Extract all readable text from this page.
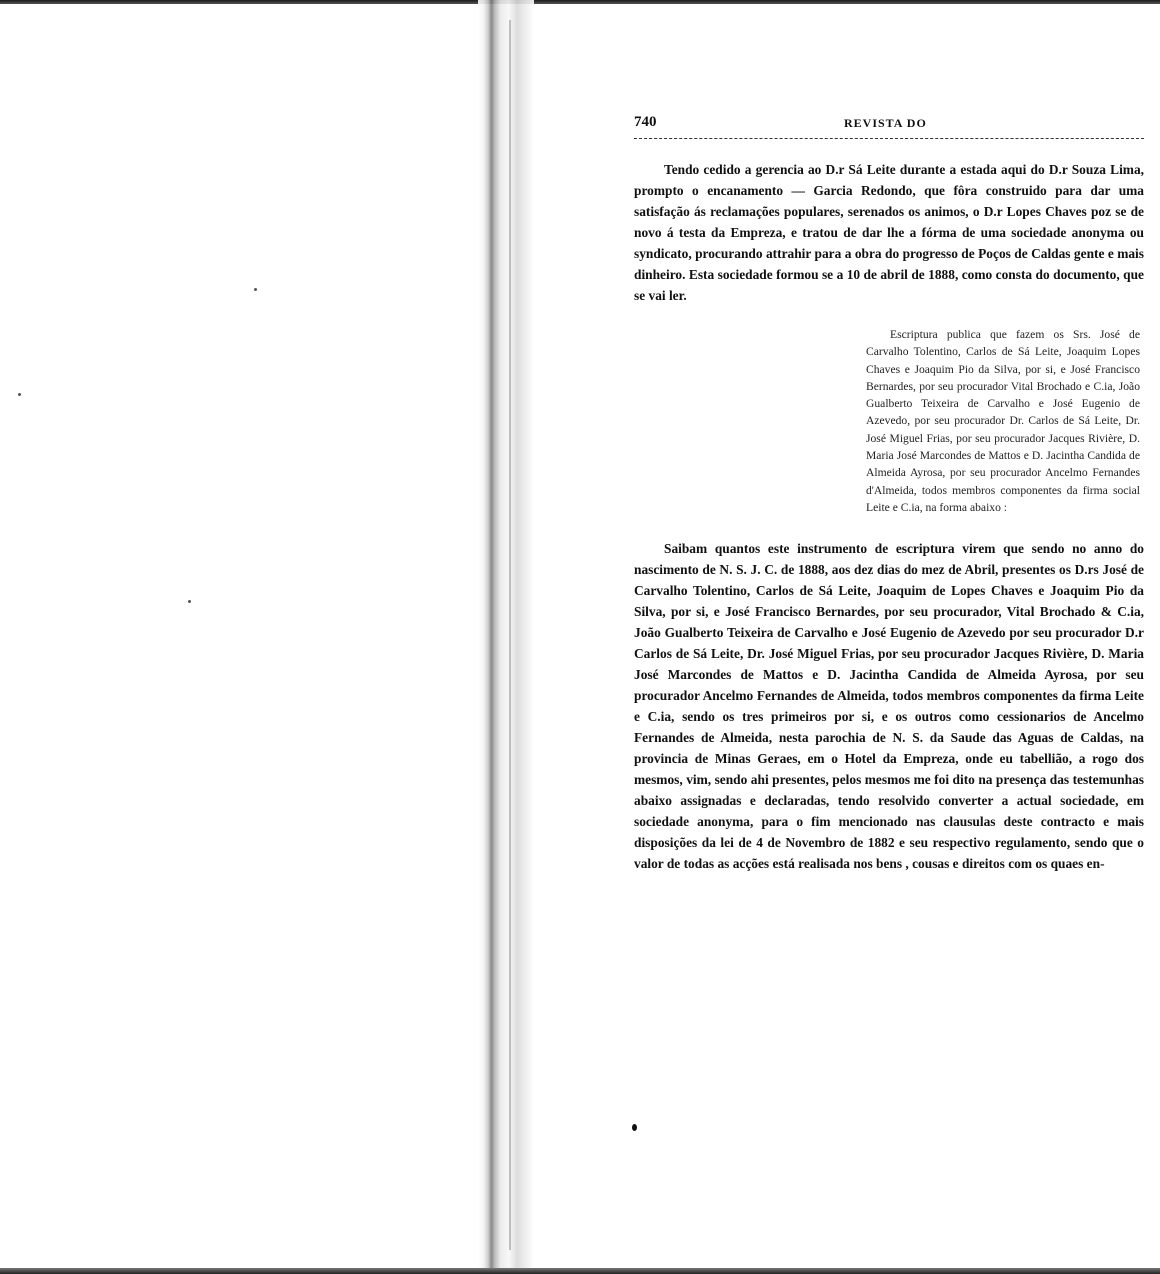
740	REVISTA DO

Tendo cedido a gerencia ao D.r Sá Leite durante a estada aqui do D.r Souza Lima, prompto o encanamento — Garcia Redondo, que fôra construido para dar uma satisfação ás reclamações populares, serenados os animos, o D.r Lopes Chaves poz se de novo á testa da Empreza, e tratou de dar lhe a fórma de uma sociedade anonyma ou syndicato, procurando attrahir para a obra do progresso de Poços de Caldas gente e mais dinheiro. Esta sociedade formou se a 10 de abril de 1888, como consta do documento, que se vai ler.

Escriptura publica que fazem os Srs. José de Carvalho Tolentino, Carlos de Sá Leite, Joaquim Lopes Chaves e Joaquim Pio da Silva, por si, e José Francisco Bernardes, por seu procurador Vital Brochado e C.ia, João Gualberto Teixeira de Carvalho e José Eugenio de Azevedo, por seu procurador Dr. Carlos de Sá Leite, Dr. José Miguel Frias, por seu procurador Jacques Rivière, D. Maria José Marcondes de Mattos e D. Jacintha Candida de Almeida Ayrosa, por seu procurador Ancelmo Fernandes d'Almeida, todos membros componentes da firma social Leite e C.ia, na forma abaixo :

Saibam quantos este instrumento de escriptura virem que sendo no anno do nascimento de N. S. J. C. de 1888, aos dez dias do mez de Abril, presentes os D.rs José de Carvalho Tolentino, Carlos de Sá Leite, Joaquim de Lopes Chaves e Joaquim Pio da Silva, por si, e José Francisco Bernardes, por seu procurador, Vital Brochado & C.ia, João Gualberto Teixeira de Carvalho e José Eugenio de Azevedo por seu procurador D.r Carlos de Sá Leite, Dr. José Miguel Frias, por seu procurador Jacques Rivière, D. Maria José Marcondes de Mattos e D. Jacintha Candida de Almeida Ayrosa, por seu procurador Ancelmo Fernandes de Almeida, todos membros componentes da firma Leite e C.ia, sendo os tres primeiros por si, e os outros como cessionarios de Ancelmo Fernandes de Almeida, nesta parochia de N. S. da Saude das Aguas de Caldas, na provincia de Minas Geraes, em o Hotel da Empreza, onde eu tabellião, a rogo dos mesmos, vim, sendo ahi presentes, pelos mesmos me foi dito na presença das testemunhas abaixo assignadas e declaradas, tendo resolvido converter a actual sociedade, em sociedade anonyma, para o fim mencionado nas clausulas deste contracto e mais disposições da lei de 4 de Novembro de 1882 e seu respectivo regulamento, sendo que o valor de todas as acções está realisada nos bens , cousas e direitos com os quaes en-
